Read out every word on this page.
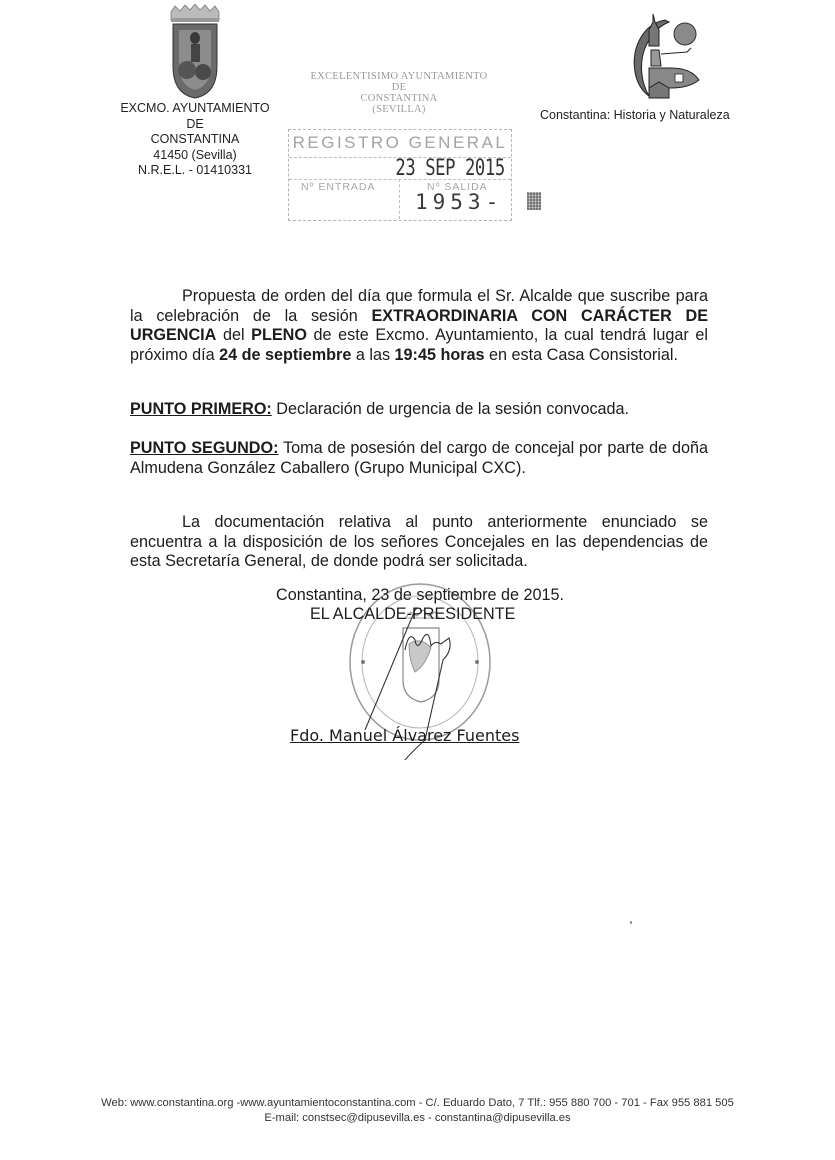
EXCMO. AYUNTAMIENTO
DE
CONSTANTINA
41450 (Sevilla)
N.R.E.L. - 01410331
EXCELENTISIMO AYUNTAMIENTO
DE
CONSTANTINA
(SEVILLA)
REGISTRO GENERAL
23 SEP 2015
Nº ENTRADA	Nº SALIDA
1953-
Constantina: Historia y Naturaleza
Propuesta de orden del día que formula el Sr. Alcalde que suscribe para la celebración de la sesión EXTRAORDINARIA CON CARÁCTER DE URGENCIA del PLENO de este Excmo. Ayuntamiento, la cual tendrá lugar el próximo día 24 de septiembre a las 19:45 horas en esta Casa Consistorial.
PUNTO PRIMERO: Declaración de urgencia de la sesión convocada.
PUNTO SEGUNDO: Toma de posesión del cargo de concejal por parte de doña Almudena González Caballero (Grupo Municipal CXC).
La documentación relativa al punto anteriormente enunciado se encuentra a la disposición de los señores Concejales en las dependencias de esta Secretaría General, de donde podrá ser solicitada.
Constantina, 23 de septiembre de 2015.
EL ALCALDE-PRESIDENTE
Fdo. Manuel Álvarez Fuentes
Web: www.constantina.org -www.ayuntamientoconstantina.com - C/. Eduardo Dato, 7 Tlf.: 955 880 700 - 701 - Fax 955 881 505
E-mail: constsec@dipusevilla.es - constantina@dipusevilla.es
